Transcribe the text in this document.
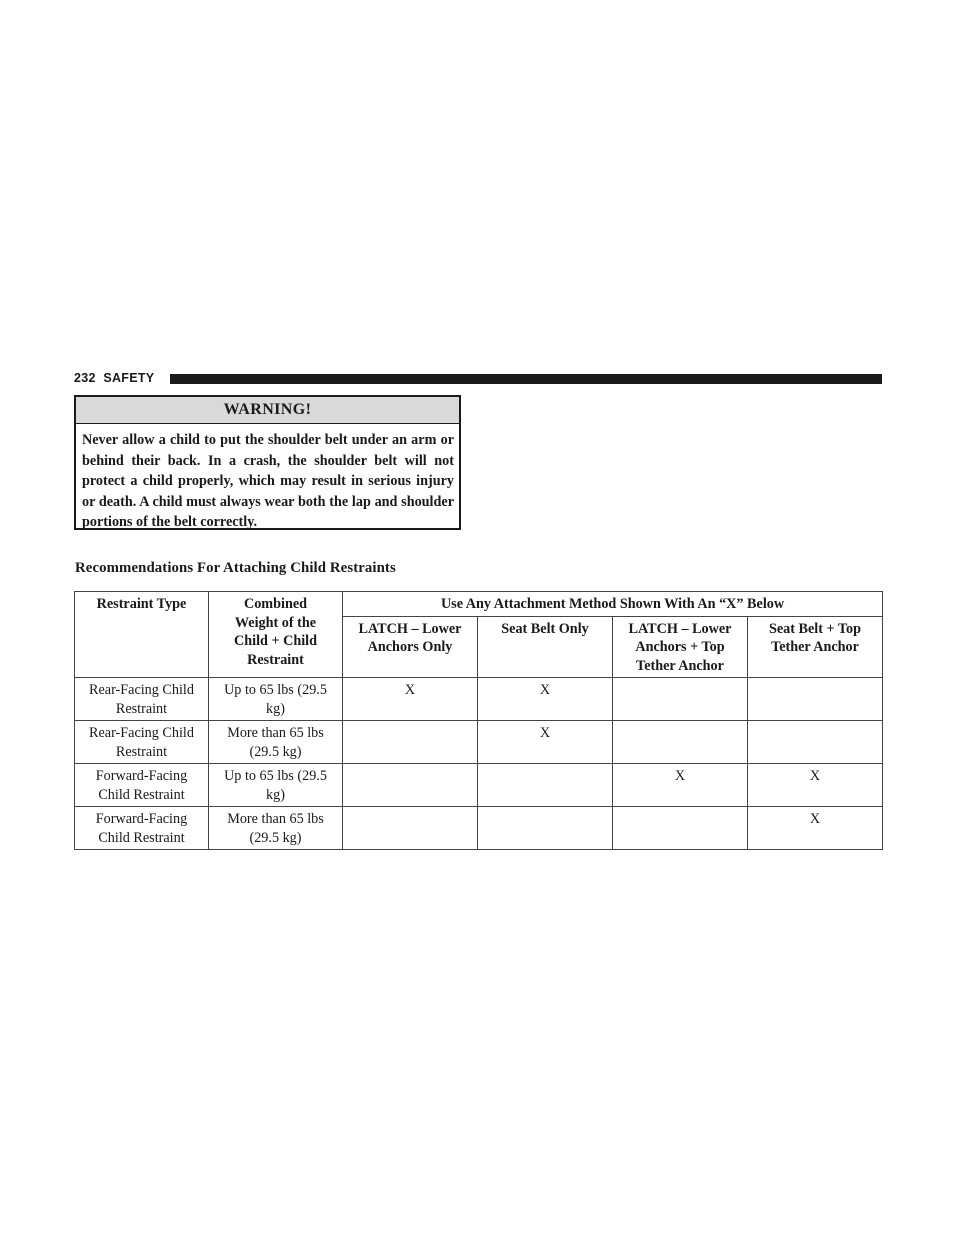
232 SAFETY
WARNING!
Never allow a child to put the shoulder belt under an arm or behind their back. In a crash, the shoulder belt will not protect a child properly, which may result in serious injury or death. A child must always wear both the lap and shoulder portions of the belt correctly.
Recommendations For Attaching Child Restraints
Restraint Type	Combined Weight of the Child + Child Restraint	Use Any Attachment Method Shown With An “X” Below			

		LATCH – Lower Anchors Only	Seat Belt Only	LATCH – Lower Anchors + Top Tether Anchor	Seat Belt + Top Tether Anchor

Rear-Facing Child Restraint	Up to 65 lbs (29.5 kg)	X	X		

Rear-Facing Child Restraint	More than 65 lbs (29.5 kg)		X		

Forward-Facing Child Restraint	Up to 65 lbs (29.5 kg)			X	X

Forward-Facing Child Restraint	More than 65 lbs (29.5 kg)				X
